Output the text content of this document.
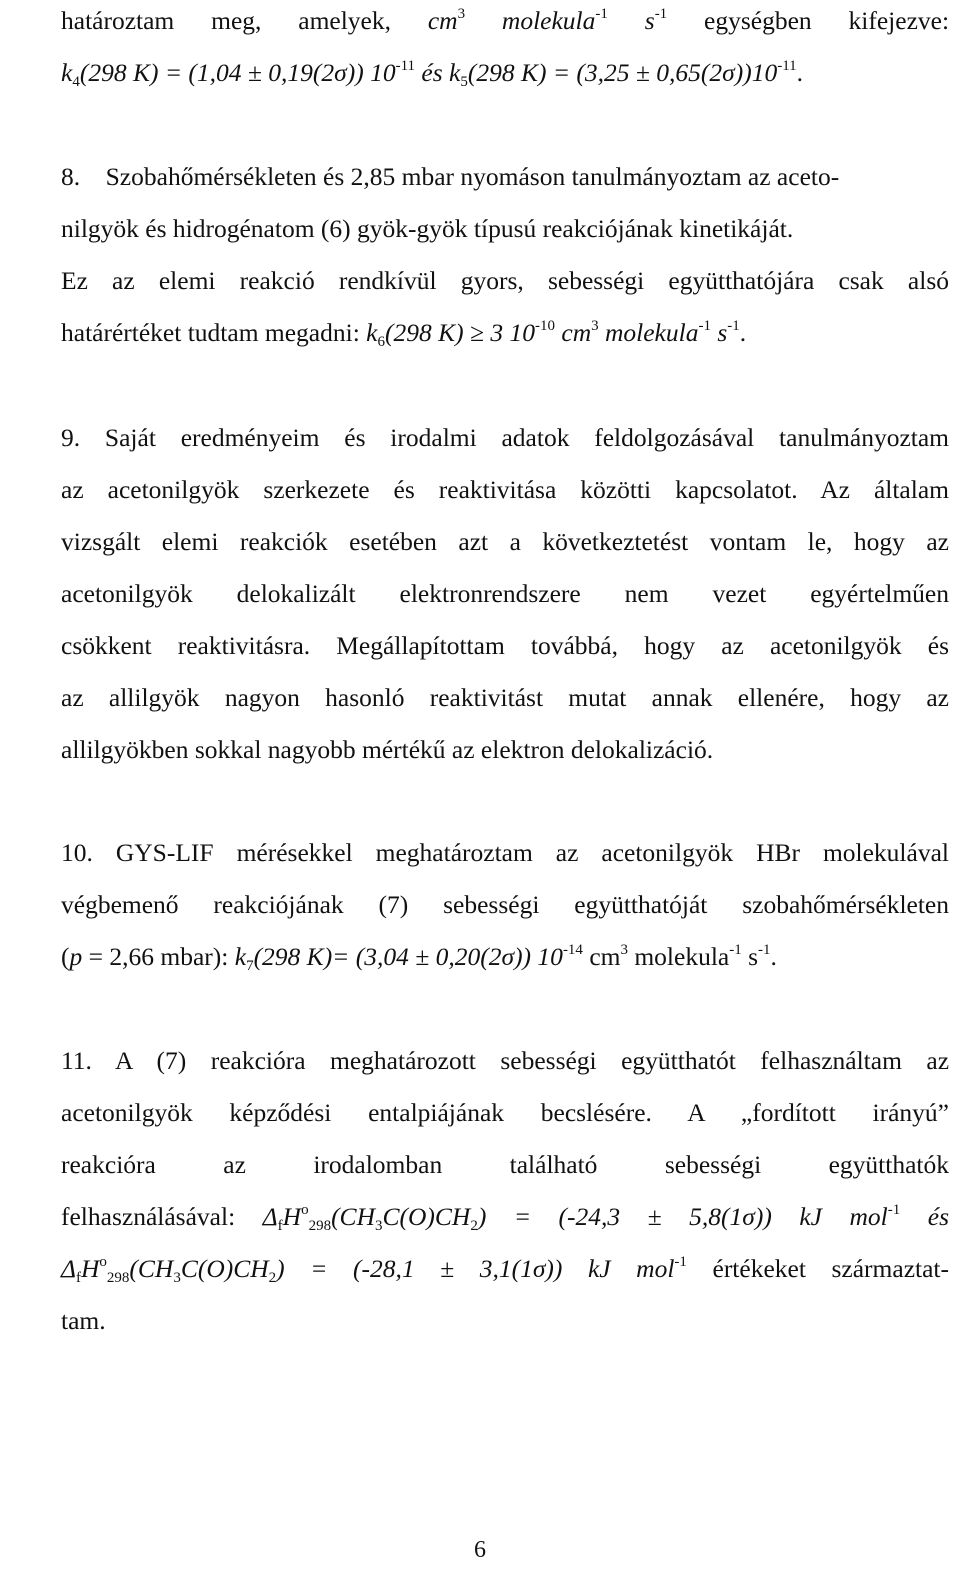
határoztam meg, amelyek, $cm^3$ molekula$^{-1}$ $s^{-1}$ egységben kifejezve:
$k_4(298$ K) = (1,04 ± 0,19(2σ)) $10^{-11}$ és $k_5(298$ $K) = (3,25 \pm 0,65(2\sigma))10^{-11}$.
8. Szobahőmérsékleten és 2,85 mbar nyomáson tanulmányoztam az aceto-
nilgyök és hidrogénatom (6) gyök-gyök típusú reakciójának kinetikáját.
Ez az elemi reakció rendkívül gyors, sebességi együtthatójára csak alsó
határértéket tudtam megadni: $k_6(298$ K) ≥ 3 $10^{-10}$ $cm^3$ molekula$^{-1}$ $s^{-1}$.
9. Saját eredményeim és irodalmi adatok feldolgozásával tanulmányoztam
az acetonilgyök szerkezete és reaktivitása közötti kapcsolatot. Az általam
vizsgált elemi reakciók esetében azt a következtetést vontam le, hogy az
acetonilgyök delokalizált elektronrendszere nem vezet egyértelműen
csökkent reaktivitásra. Megállapítottam továbbá, hogy az acetonilgyök és
az allilgyök nagyon hasonló reaktivitást mutat annak ellenére, hogy az
allilgyökben sokkal nagyobb mértékű az elektron delokalizáció.
10. GYS-LIF mérésekkel meghatároztam az acetonilgyök HBr molekulával
végbemenő reakciójának (7) sebességi együtthatóját szobahőmérsékleten
(p = 2,66 mbar): $k_7(298$ K)= (3,04 ± 0,20(2σ)) $10^{-14}$ $cm^3$ molekula$^{-1}$ $s^{-1}$.
11. A (7) reakcióra meghatározott sebességi együtthatót felhasználtam az
acetonilgyök képződési entalpiájának becslésére. A „fordított irányú”
reakcióra az irodalomban található sebességi együtthatók
felhasználásával: $\Delta_fH^o_{298}(CH_3C(O)CH_2) = (-24,3 \pm 5,8(1\sigma))$ kJ mol$^{-1}$ és
$\Delta_fH^o_{298}(CH_3C(O)CH_2) = (-28,1 \pm 3,1(1\sigma))$ kJ mol$^{-1}$ értékeket származtat-
tam.
6
